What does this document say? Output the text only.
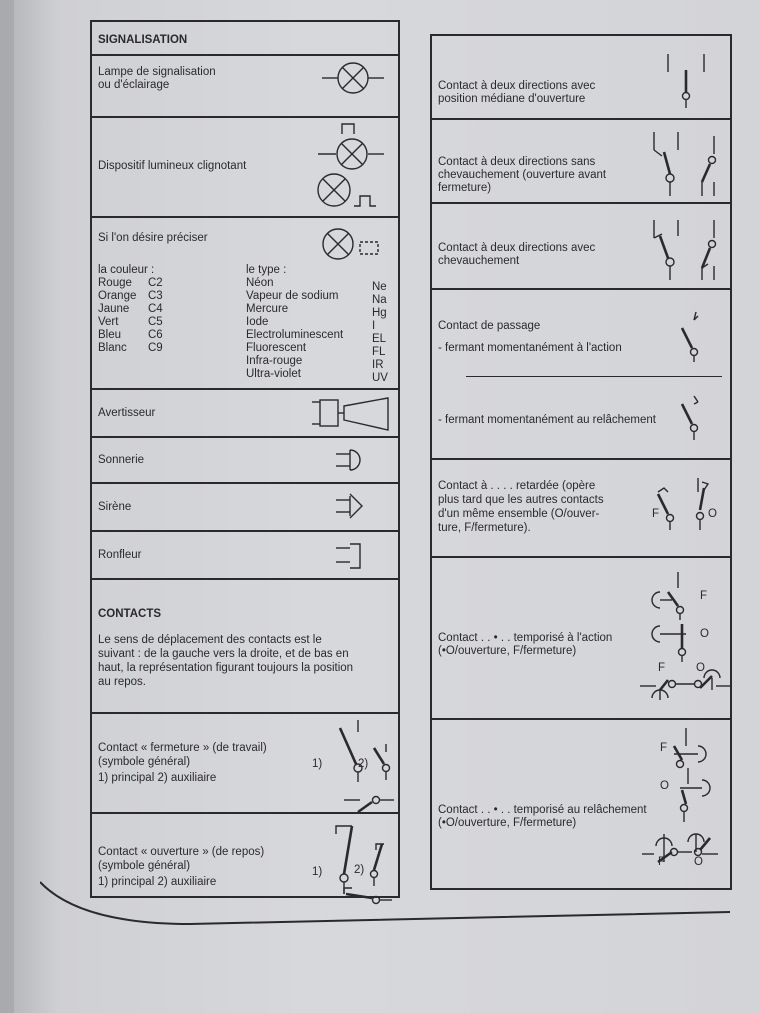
SIGNALISATION
Lampe de signalisation
ou d'éclairage
Dispositif lumineux clignotant
Si l'on désire préciser
la couleur :
Rouge C2
Orange C3
Jaune C4
Vert	C5
Bleu C6
Blanc C9
le type :
Néon	Ne
Vapeur de sodium	Na
Mercure	Hg
Iode	I
Electroluminescent	EL
Fluorescent	FL
Infra-rouge	IR
Ultra-violet	UV
Avertisseur
Sonnerie
Sirène
Ronfleur
CONTACTS
Le sens de déplacement des contacts est le
suivant : de la gauche vers la droite, et de bas en
haut, la représentation figurant toujours la position
au repos.
Contact « fermeture » (de travail)
(symbole général)
1) principal 2) auxiliaire
1)	2)
Contact « ouverture » (de repos)
(symbole général)
1) principal 2) auxiliaire
1)	2)
Contact à deux directions avec
position médiane d'ouverture
Contact à deux directions sans
chevauchement (ouverture avant
fermeture)
Contact à deux directions avec
chevauchement
Contact de passage
- fermant momentanément à l'action
- fermant momentanément au relâchement
Contact à . . . . retardée (opère
plus tard que les autres contacts
d'un même ensemble (O/ouver-
ture, F/fermeture).
F	O
Contact . . • . . temporisé à l'action
(•O/ouverture, F/fermeture)
F
O
F	O
Contact . . • . . temporisé au relâchement
(•O/ouverture, F/fermeture)
F
O
F	O
